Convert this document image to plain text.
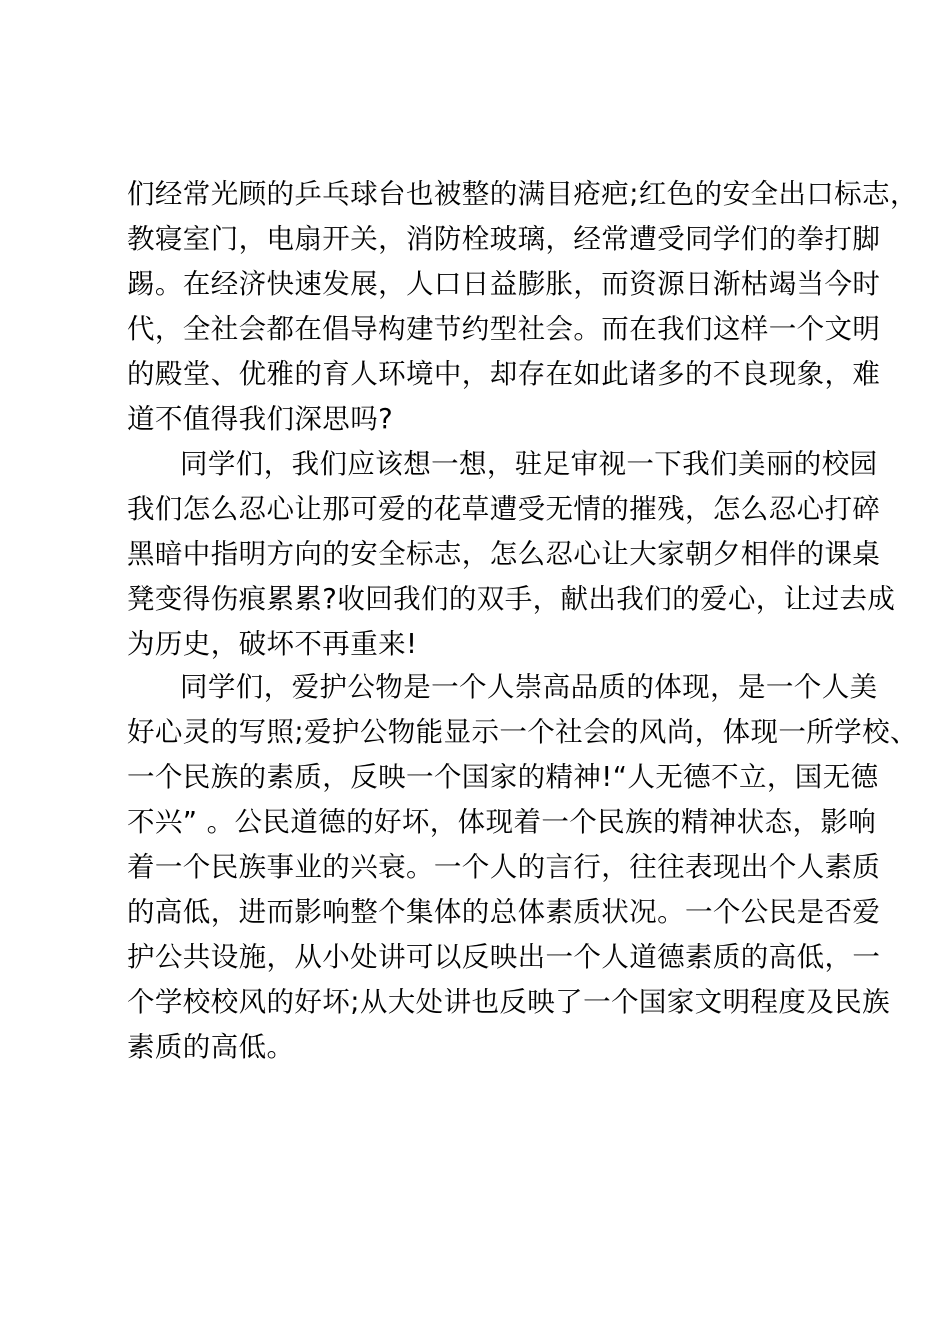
们经常光顾的乒乓球台也被整的满目疮疤;红色的安全出口标志，
教寝室门，电扇开关，消防栓玻璃，经常遭受同学们的拳打脚
踢。在经济快速发展，人口日益膨胀，而资源日渐枯竭当今时
代，全社会都在倡导构建节约型社会。而在我们这样一个文明
的殿堂、优雅的育人环境中，却存在如此诸多的不良现象，难
道不值得我们深思吗?
同学们，我们应该想一想，驻足审视一下我们美丽的校园
我们怎么忍心让那可爱的花草遭受无情的摧残，怎么忍心打碎
黑暗中指明方向的安全标志，怎么忍心让大家朝夕相伴的课桌
凳变得伤痕累累?收回我们的双手，献出我们的爱心，让过去成
为历史，破坏不再重来!
同学们，爱护公物是一个人崇高品质的体现，是一个人美
好心灵的写照;爱护公物能显示一个社会的风尚，体现一所学校、
一个民族的素质，反映一个国家的精神!“人无德不立，国无德
不兴” 。公民道德的好坏，体现着一个民族的精神状态，影响
着一个民族事业的兴衰。一个人的言行，往往表现出个人素质
的高低，进而影响整个集体的总体素质状况。一个公民是否爱
护公共设施，从小处讲可以反映出一个人道德素质的高低，一
个学校校风的好坏;从大处讲也反映了一个国家文明程度及民族
素质的高低。
